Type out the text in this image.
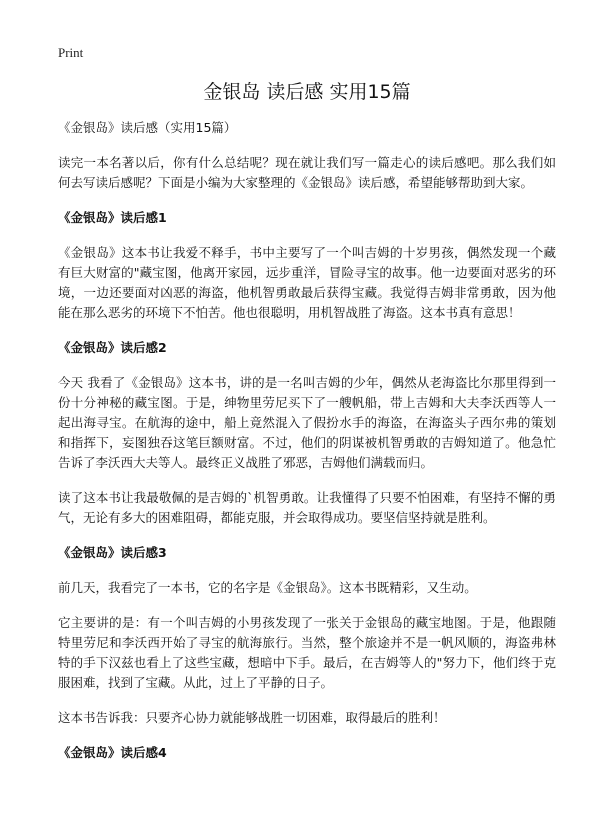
Print
金银岛 读后感 实用15篇

《金银岛》读后感（实用15篇）

读完一本名著以后，你有什么总结呢？现在就让我们写一篇走心的读后感吧。那么我们如何去写读后感呢？下面是小编为大家整理的《金银岛》读后感，希望能够帮助到大家。

《金银岛》读后感1

《金银岛》这本书让我爱不释手，书中主要写了一个叫吉姆的十岁男孩，偶然发现一个藏有巨大财富的"藏宝图，他离开家园，远步重洋，冒险寻宝的故事。他一边要面对恶劣的环境，一边还要面对凶恶的海盗，他机智勇敢最后获得宝藏。我觉得吉姆非常勇敢，因为他能在那么恶劣的环境下不怕苦。他也很聪明，用机智战胜了海盗。这本书真有意思！

《金银岛》读后感2

今天 我看了《金银岛》这本书，讲的是一名叫吉姆的少年，偶然从老海盗比尔那里得到一份十分神秘的藏宝图。于是，绅物里劳尼买下了一艘帆船，带上吉姆和大夫李沃西等人一起出海寻宝。在航海的途中，船上竟然混入了假扮水手的海盗，在海盗头子西尔弗的策划和指挥下，妄图独吞这笔巨额财富。不过，他们的阴谋被机智勇敢的吉姆知道了。他急忙告诉了李沃西大夫等人。最终正义战胜了邪恶，吉姆他们满载而归。

读了这本书让我最敬佩的是吉姆的`机智勇敢。让我懂得了只要不怕困难，有坚持不懈的勇气，无论有多大的困难阻碍，都能克服，并会取得成功。要坚信坚持就是胜利。

《金银岛》读后感3

前几天，我看完了一本书，它的名字是《金银岛》。这本书既精彩，又生动。

它主要讲的是：有一个叫吉姆的小男孩发现了一张关于金银岛的藏宝地图。于是，他跟随特里劳尼和李沃西开始了寻宝的航海旅行。当然，整个旅途并不是一帆风顺的，海盗弗林特的手下汉兹也看上了这些宝藏，想暗中下手。最后，在吉姆等人的"努力下，他们终于克服困难，找到了宝藏。从此，过上了平静的日子。

这本书告诉我：只要齐心协力就能够战胜一切困难，取得最后的胜利！

《金银岛》读后感4
